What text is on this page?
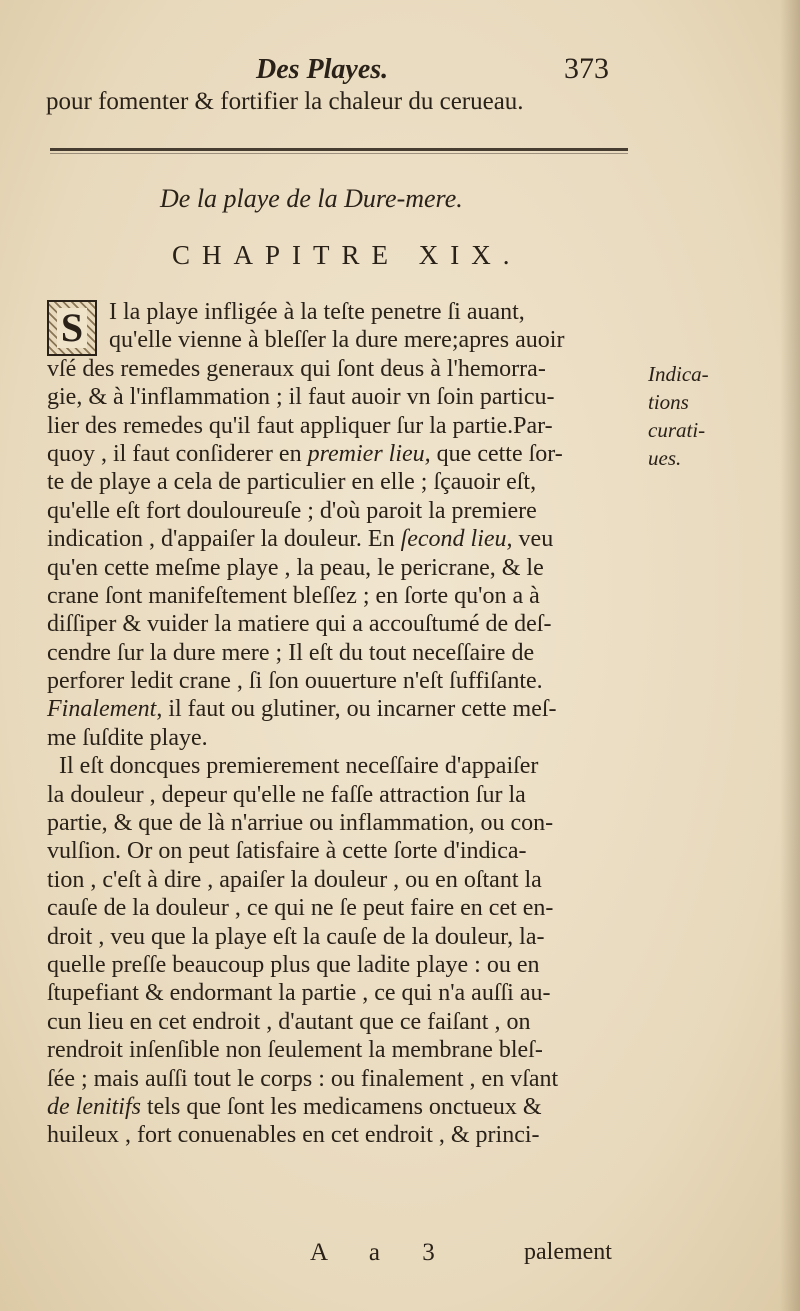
Des Playes.	373
pour fomenter & fortifier la chaleur du cerueau.
De la playe de la Dure-mere.
CHAPITRE XIX.
S	I la playe infligée à la teſte penetre ſi auant,
qu'elle vienne à bleſſer la dure mere;apres auoir
vſé des remedes generaux qui ſont deus à l'hemorra-
gie, & à l'inflammation ; il faut auoir vn ſoin particu-
lier des remedes qu'il faut appliquer ſur la partie.Par-
quoy , il faut conſiderer en premier lieu, que cette ſor-
te de playe a cela de particulier en elle ; ſçauoir eſt,
qu'elle eſt fort douloureuſe ; d'où paroit la premiere
indication , d'appaiſer la douleur. En ſecond lieu, veu
qu'en cette meſme playe , la peau, le pericrane, & le
crane ſont manifeſtement bleſſez ; en ſorte qu'on a à
diſſiper & vuider la matiere qui a accouſtumé de deſ-
cendre ſur la dure mere ; Il eſt du tout neceſſaire de
perforer ledit crane , ſi ſon ouuerture n'eſt ſuffiſante.
Finalement, il faut ou glutiner, ou incarner cette meſ-
me ſuſdite playe.
Il eſt doncques premierement neceſſaire d'appaiſer
la douleur , depeur qu'elle ne faſſe attraction ſur la
partie, & que de là n'arriue ou inflammation, ou con-
vulſion. Or on peut ſatisfaire à cette ſorte d'indica-
tion , c'eſt à dire , apaiſer la douleur , ou en oſtant la
cauſe de la douleur , ce qui ne ſe peut faire en cet en-
droit , veu que la playe eſt la cauſe de la douleur, la-
quelle preſſe beaucoup plus que ladite playe : ou en
ſtupefiant & endormant la partie , ce qui n'a auſſi au-
cun lieu en cet endroit , d'autant que ce faiſant , on
rendroit inſenſible non ſeulement la membrane bleſ-
ſée ; mais auſſi tout le corps : ou finalement , en vſant
de lenitifs tels que ſont les medicamens onctueux &
huileux , fort conuenables en cet endroit , & princi-
Indica-
tions
curati-
ues.
A a 3	palement
